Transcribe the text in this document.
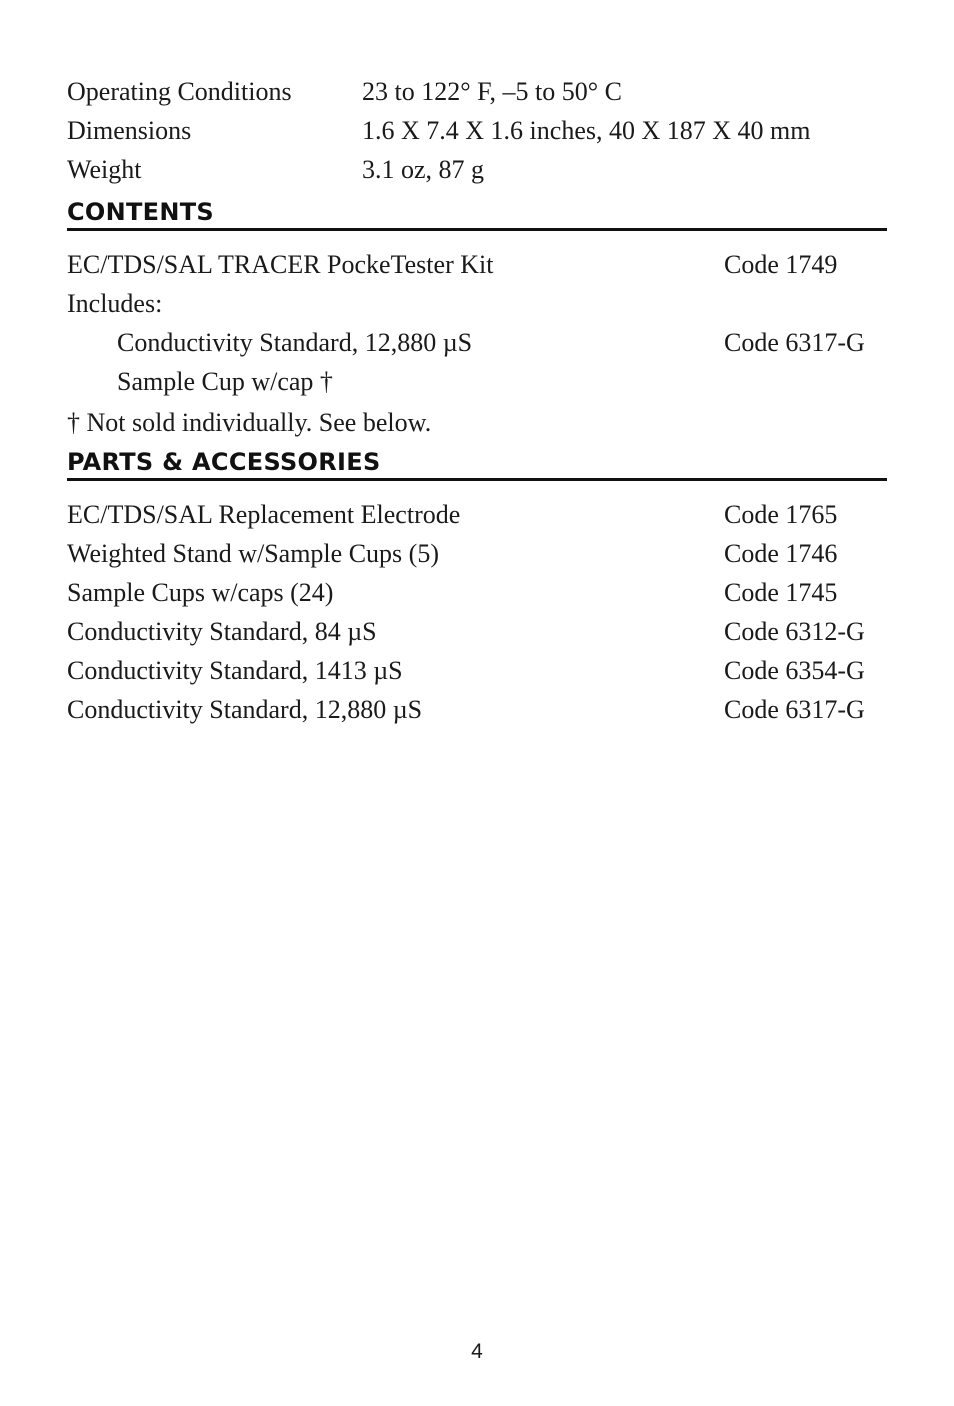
Operating Conditions	23 to 122° F, –5 to 50° C
Dimensions	1.6 X 7.4 X 1.6 inches, 40 X 187 X 40 mm
Weight	3.1 oz, 87 g
CONTENTS
EC/TDS/SAL TRACER PockeTester Kit	Code 1749
Includes:
Conductivity Standard, 12,880 µS	Code 6317-G
Sample Cup w/cap †
† Not sold individually. See below.
PARTS & ACCESSORIES
EC/TDS/SAL Replacement Electrode	Code 1765
Weighted Stand w/Sample Cups (5)	Code 1746
Sample Cups w/caps (24)	Code 1745
Conductivity Standard, 84 µS	Code 6312-G
Conductivity Standard, 1413 µS	Code 6354-G
Conductivity Standard, 12,880 µS	Code 6317-G
4
